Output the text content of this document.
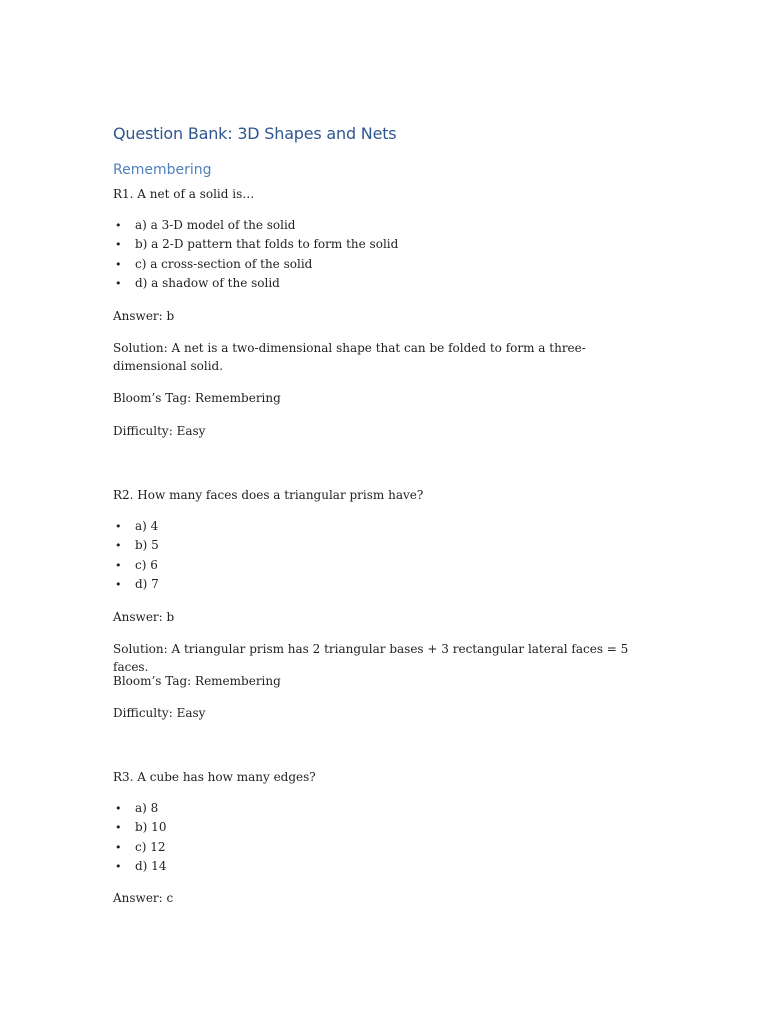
Question Bank: 3D Shapes and Nets
Remembering

R1. A net of a solid is…

• a) a 3-D model of the solid
• b) a 2-D pattern that folds to form the solid
• c) a cross-section of the solid
• d) a shadow of the solid

Answer: b

Solution: A net is a two-dimensional shape that can be folded to form a three-dimensional solid.

Bloom’s Tag: Remembering

Difficulty: Easy

R2. How many faces does a triangular prism have?

• a) 4
• b) 5
• c) 6
• d) 7

Answer: b

Solution: A triangular prism has 2 triangular bases + 3 rectangular lateral faces = 5 faces.

Bloom’s Tag: Remembering

Difficulty: Easy

R3. A cube has how many edges?

• a) 8
• b) 10
• c) 12
• d) 14

Answer: c
